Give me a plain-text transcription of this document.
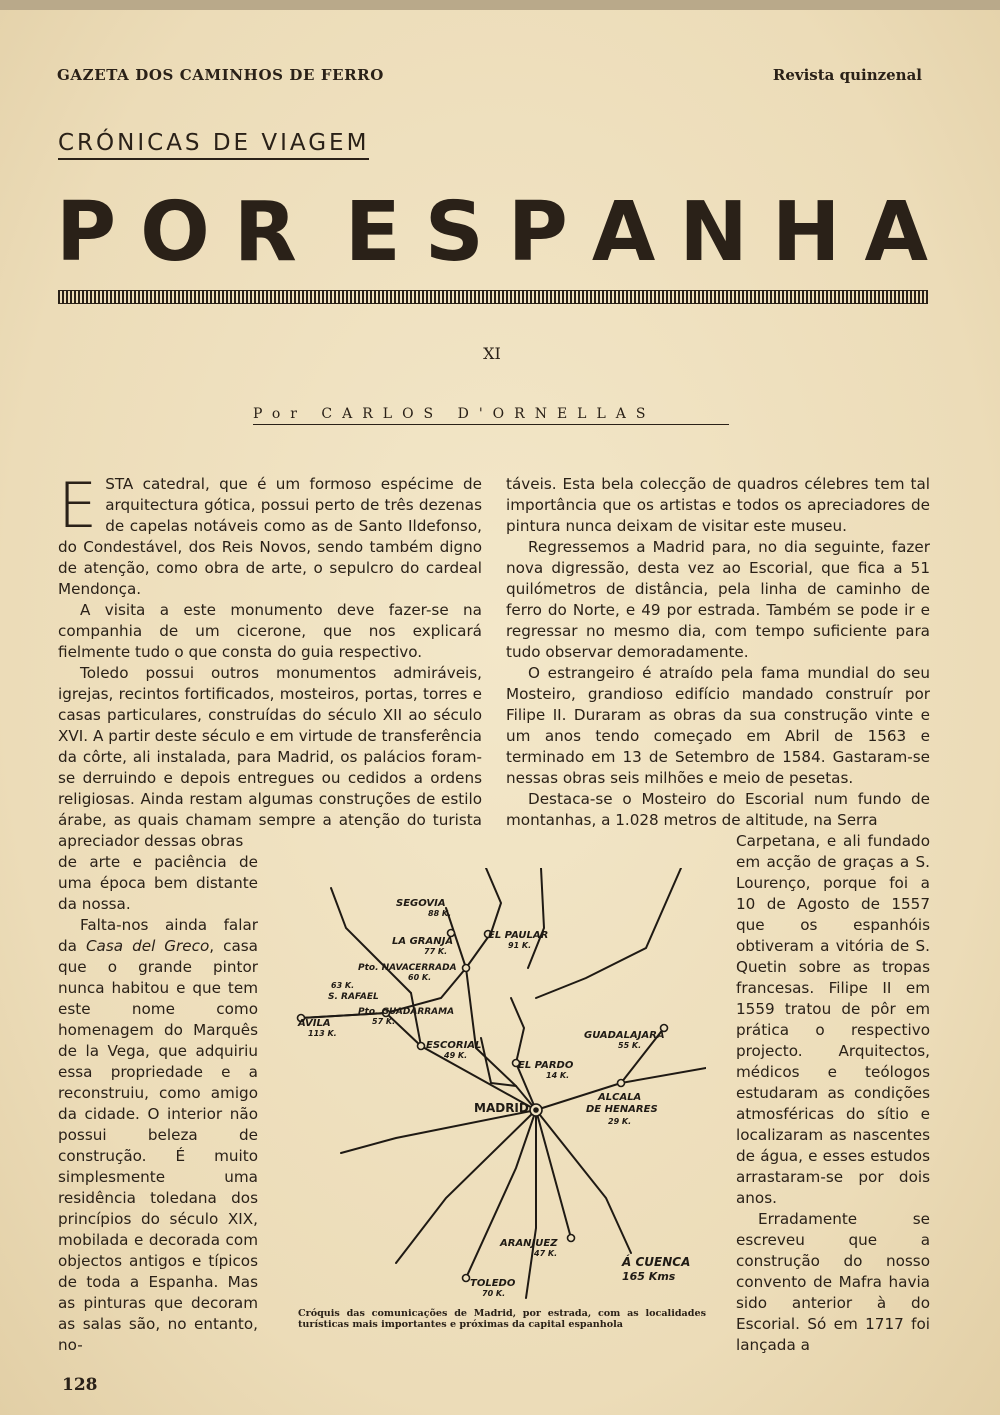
GAZETA DOS CAMINHOS DE FERRO	Revista quinzenal
CRÓNICAS DE VIAGEM
P O R E S P A N H A
XI
Por CARLOS D'ORNELLAS

E STA catedral, que é um formoso espécime de arquitectura gótica, possui perto de três dezenas de capelas notáveis como as de Santo Ildefonso, do Condestável, dos Reis Novos, sendo também digno de atenção, como obra de arte, o sepulcro do cardeal Mendonça.

A visita a este monumento deve fazer-se na companhia de um cicerone, que nos explicará fielmente tudo o que consta do guia respectivo.

Toledo possui outros monumentos admiráveis, igrejas, recintos fortificados, mosteiros, portas, torres e casas particulares, construídas do século XII ao século XVI. A partir deste século e em virtude de transferência da côrte, ali instalada, para Madrid, os palácios foram-se derruindo e depois entregues ou cedidos a ordens religiosas. Ainda restam algumas construções de estilo árabe, as quais chamam sempre a atenção do turista apreciador dessas obras

de arte e paciência de uma época bem distante da nossa.

Falta-nos ainda falar da Casa del Greco, casa que o grande pintor nunca habitou e que tem este nome como homenagem do Marquês de la Vega, que adquiriu essa propriedade e a reconstruiu, como amigo da cidade. O interior não possui beleza de construção. É muito simplesmente uma residência toledana dos princípios do século XIX, mobilada e decorada com objectos antigos e típicos de toda a Espanha. Mas as pinturas que decoram as salas são, no entanto, no-

táveis. Esta bela colecção de quadros célebres tem tal importância que os artistas e todos os apreciadores de pintura nunca deixam de visitar este museu.

Regressemos a Madrid para, no dia seguinte, fazer nova digressão, desta vez ao Escorial, que fica a 51 quilómetros de distância, pela linha de caminho de ferro do Norte, e 49 por estrada. Também se pode ir e regressar no mesmo dia, com tempo suficiente para tudo observar demoradamente.

O estrangeiro é atraído pela fama mundial do seu Mosteiro, grandioso edifício mandado construír por Filipe II. Duraram as obras da sua construção vinte e um anos tendo começado em Abril de 1563 e terminado em 13 de Setembro de 1584. Gastaram-se nessas obras seis milhões e meio de pesetas.

Destaca-se o Mosteiro do Escorial num fundo de montanhas, a 1.028 metros de altitude, na Serra

Carpetana, e ali fundado em acção de graças a S. Lourenço, porque foi a 10 de Agosto de 1557 que os espanhóis obtiveram a vitória de S. Quetin sobre as tropas francesas. Filipe II em 1559 tratou de pôr em prática o respectivo projecto. Arquitectos, médicos e teólogos estudaram as condições atmosféricas do sítio e localizaram as nascentes de água, e esses estudos arrastaram-se por dois anos.

Erradamente se escreveu que a construção do nosso convento de Mafra havia sido anterior à do Escorial. Só em 1717 foi lançada a

SEGOVIA
88 K.
LA GRANJA
77 K.
EL PAULAR
91 K.
Pto. NAVACERRADA
60 K.
63 K.
S. RAFAEL
Pto. GUADARRAMA
57 K.
AVILA
113 K.
ESCORIAL
49 K.
EL PARDO
14 K.
GUADALAJARA
55 K.
ALCALA
DE HENARES
29 K.
MADRID
ARANJUEZ
47 K.
Á CUENCA
165 Kms
TOLEDO
70 K.
Cróquis das comunicações de Madrid, por estrada, com as localidades turísticas mais importantes e próximas da capital espanhola
128
